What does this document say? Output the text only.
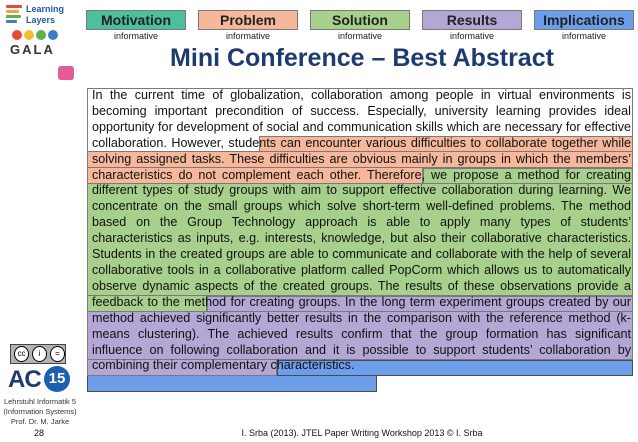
Learning
Layers
GALA
cc	i	=
AC 15
Lehrstuhl Informatik 5
(Information Systems)
Prof. Dr. M. Jarke
28
Motivation
informative
Problem
informative
Solution
informative
Results
informative
Implications
informative
Mini Conference – Best Abstract
In the current time of globalization, collaboration among people in virtual environments is becoming important precondition of success. Especially, university learning provides ideal opportunity for development of social and communication skills which are necessary for effective collaboration. However, students can encounter various difficulties to collaborate together while solving assigned tasks. These difficulties are obvious mainly in groups in which the members’ characteristics do not complement each other. Therefore, we propose a method for creating different types of study groups with aim to support effective collaboration during learning. We concentrate on the small groups which solve short-term well-defined problems. The method based on the Group Technology approach is able to apply many types of students’ characteristics as inputs, e.g. interests, knowledge, but also their collaborative characteristics. Students in the created groups are able to communicate and collaborate with the help of several collaborative tools in a collaborative platform called PopCorm which allows us to automatically observe dynamic aspects of the created groups. The results of these observations provide a feedback to the method for creating groups. In the long term experiment groups created by our method achieved significantly better results in the comparison with the reference method (k-means clustering). The achieved results confirm that the group formation has significant influence on following collaboration and it is possible to support students’ collaboration by combining their complementary characteristics.
I. Srba (2013). JTEL Paper Writing Workshop 2013 © I. Srba
